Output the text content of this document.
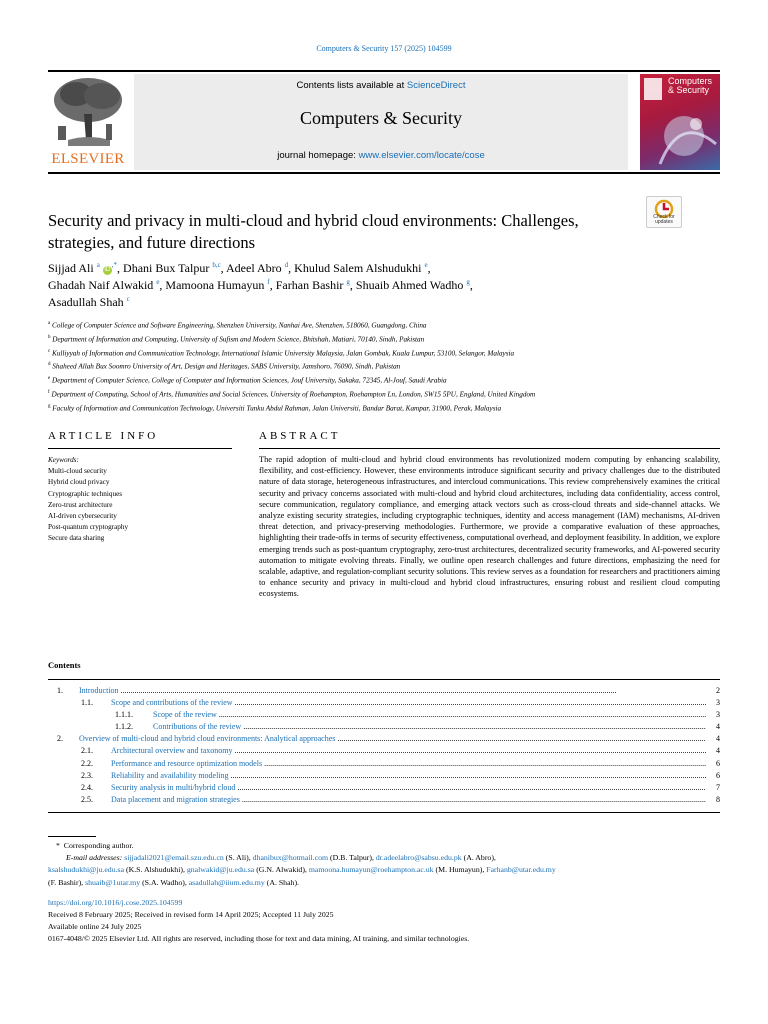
Computers & Security 157 (2025) 104599
ELSEVIER
Contents lists available at ScienceDirect
Computers & Security
journal homepage: www.elsevier.com/locate/cose
Computers & Security
Check for updates
Security and privacy in multi-cloud and hybrid cloud environments: Challenges, strategies, and future directions
Sijjad Ali $^a$ iD,*, Dhani Bux Talpur $^{b,c}$, Adeel Abro $^d$, Khulud Salem Alshudukhi $^e$,
Ghadah Naif Alwakid $^e$, Mamoona Humayun $^f$, Farhan Bashir $^g$, Shuaib Ahmed Wadho $^g$,
Asadullah Shah $^c$
$^a$ College of Computer Science and Software Engineering, Shenzhen University, Nanhai Ave, Shenzhen, 518060, Guangdong, China
$^b$ Department of Information and Computing, University of Sufism and Modern Science, Bhitshah, Matiari, 70140, Sindh, Pakistan
$^c$ Kulliyyah of Information and Communication Technology, International Islamic University Malaysia, Jalan Gombak, Kuala Lumpur, 53100, Selangor, Malaysia
$^d$ Shaheed Allah Bux Soomro University of Art, Design and Heritages, SABS University, Jamshoro, 76090, Sindh, Pakistan
$^e$ Department of Computer Science, College of Computer and Information Sciences, Jouf University, Sakaka, 72345, Al-Jouf, Saudi Arabia
$^f$ Department of Computing, School of Arts, Humanities and Social Sciences, University of Roehampton, Roehampton Ln, London, SW15 5PU, England, United Kingdom
$^g$ Faculty of Information and Communication Technology, Universiti Tunku Abdul Rahman, Jalan Universiti, Bandar Barat, Kampar, 31900, Perak, Malaysia
ARTICLE INFO
Keywords:
Multi-cloud security
Hybrid cloud privacy
Cryptographic techniques
Zero-trust architecture
AI-driven cybersecurity
Post-quantum cryptography
Secure data sharing
ABSTRACT

The rapid adoption of multi-cloud and hybrid cloud environments has revolutionized modern computing by enhancing scalability, flexibility, and cost-efficiency. However, these environments introduce significant security and privacy challenges due to the distributed nature of data storage, heterogeneous infrastructures, and intercloud communications. This review comprehensively examines the critical security and privacy concerns associated with multi-cloud and hybrid cloud architectures, including data confidentiality, access control, secure communication, regulatory compliance, and emerging attack vectors such as cross-cloud threats and side-channel attacks. We analyze existing security strategies, including cryptographic techniques, identity and access management (IAM) mechanisms, AI-driven threat detection, and privacy-preserving methodologies. Furthermore, we provide a comparative evaluation of these approaches, highlighting their trade-offs in terms of security effectiveness, computational overhead, and deployment feasibility. In addition, we explore emerging trends such as post-quantum cryptography, zero-trust architectures, decentralized security frameworks, and AI-powered security automation to mitigate evolving threats. Finally, we outline open research challenges and future directions, emphasizing the need for scalable, adaptive, and regulation-compliant security solutions. This review serves as a foundation for researchers and practitioners aiming to enhance security and privacy in multi-cloud and hybrid cloud infrastructures, ensuring robust and resilient cloud computing ecosystems.

Contents
1.	Introduction .....	2
1.1.	Scope and contributions of the review .....	3
1.1.1.	Scope of the review .....	3
1.1.2.	Contributions of the review .....	4
2.	Overview of multi-cloud and hybrid cloud environments: Analytical approaches .....	4
2.1.	Architectural overview and taxonomy .....	4
2.2.	Performance and resource optimization models .....	6
2.3.	Reliability and availability modeling .....	6
2.4.	Security analysis in multi/hybrid cloud .....	7
2.5.	Data placement and migration strategies .....	8
*  Corresponding author.
E-mail addresses: sijjadali2021@email.szu.edu.cn (S. Ali), dhanibux@hotmail.com (D.B. Talpur), dr.adeelabro@sabsu.edu.pk (A. Abro),
ksalshudukhi@ju.edu.sa (K.S. Alshudukhi), gnalwakid@ju.edu.sa (G.N. Alwakid), mamoona.humayun@roehampton.ac.uk (M. Humayun), Farhanb@utar.edu.my
(F. Bashir), shuaib@1utar.my (S.A. Wadho), asadullah@iium.edu.my (A. Shah).
https://doi.org/10.1016/j.cose.2025.104599
Received 8 February 2025; Received in revised form 14 April 2025; Accepted 11 July 2025
Available online 24 July 2025
0167-4048/© 2025 Elsevier Ltd. All rights are reserved, including those for text and data mining, AI training, and similar technologies.
